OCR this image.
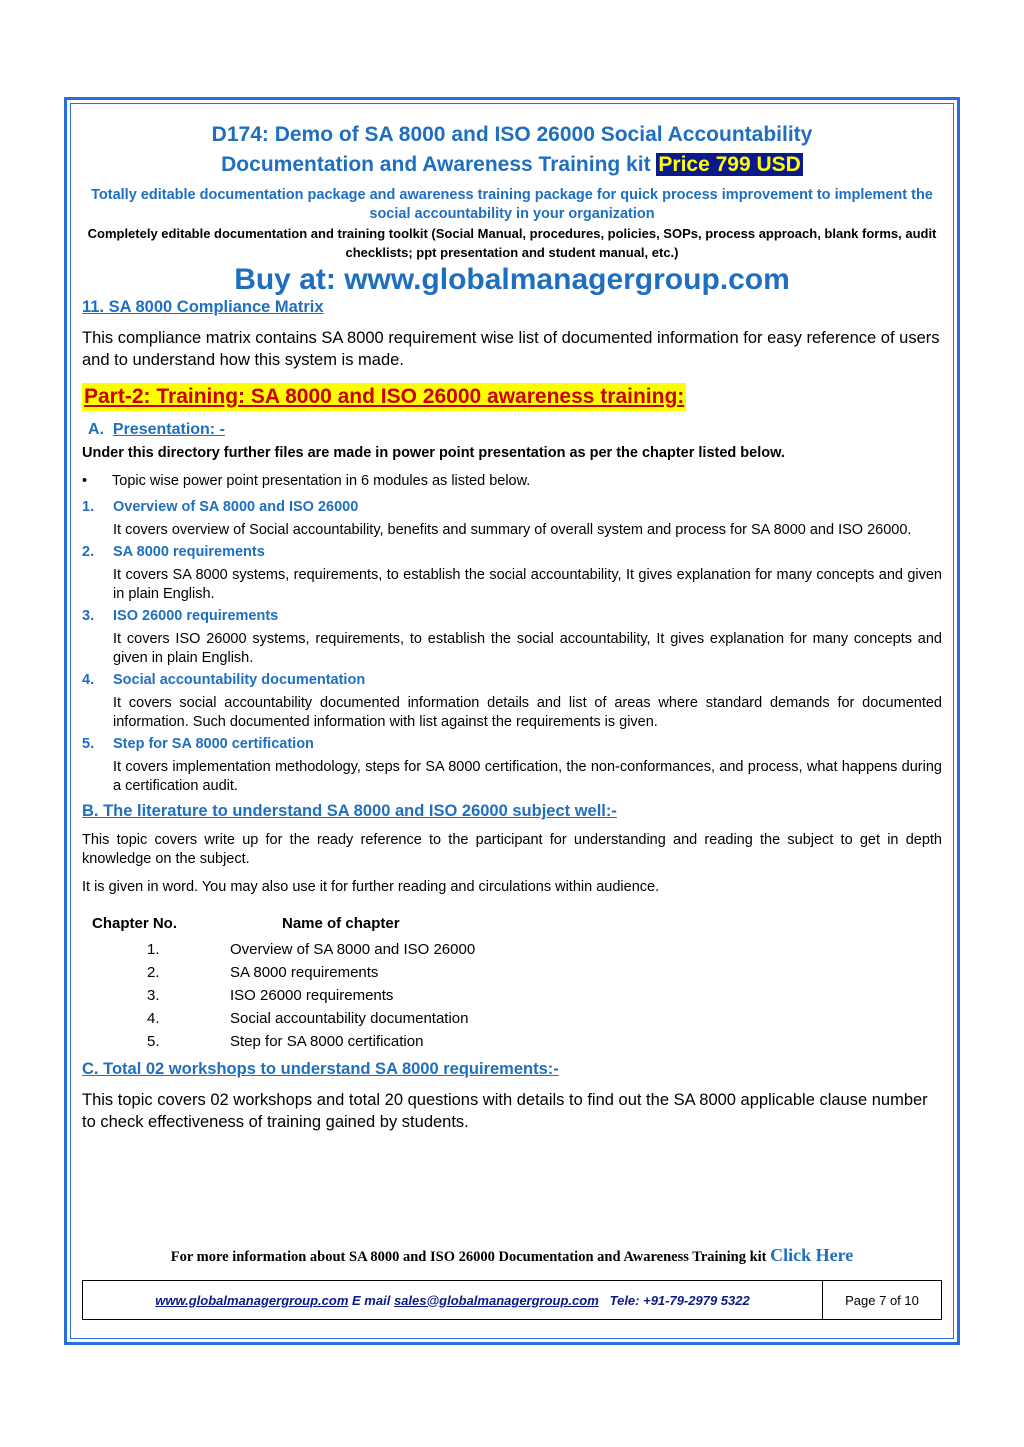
D174: Demo of SA 8000 and ISO 26000 Social Accountability
Documentation and Awareness Training kit Price 799 USD

Totally editable documentation package and awareness training package for quick process improvement to implement the social accountability in your organization

Completely editable documentation and training toolkit (Social Manual, procedures, policies, SOPs, process approach, blank forms, audit checklists; ppt presentation and student manual, etc.)

Buy at: www.globalmanagergroup.com

11. SA 8000 Compliance Matrix

This compliance matrix contains SA 8000 requirement wise list of documented information for easy reference of users and to understand how this system is made.

Part-2: Training: SA 8000 and ISO 26000 awareness training:

A. Presentation: -

Under this directory further files are made in power point presentation as per the chapter listed below.

•	Topic wise power point presentation in 6 modules as listed below.

1.	Overview of SA 8000 and ISO 26000

It covers overview of Social accountability, benefits and summary of overall system and process for SA 8000 and ISO 26000.

2.	SA 8000 requirements

It covers SA 8000 systems, requirements, to establish the social accountability, It gives explanation for many concepts and given in plain English.

3.	ISO 26000 requirements

It covers ISO 26000 systems, requirements, to establish the social accountability, It gives explanation for many concepts and given in plain English.

4.	Social accountability documentation

It covers social accountability documented information details and list of areas where standard demands for documented information. Such documented information with list against the requirements is given.

5.	Step for SA 8000 certification

It covers implementation methodology, steps for SA 8000 certification, the non-conformances, and process, what happens during a certification audit.

B. The literature to understand SA 8000 and ISO 26000 subject well:-

This topic covers write up for the ready reference to the participant for understanding and reading the subject to get in depth knowledge on the subject.

It is given in word. You may also use it for further reading and circulations within audience.

Chapter No.	Name of chapter
1.	Overview of SA 8000 and ISO 26000
2.	SA 8000 requirements
3.	ISO 26000 requirements
4.	Social accountability documentation
5.	Step for SA 8000 certification

C. Total 02 workshops to understand SA 8000 requirements:-

This topic covers 02 workshops and total 20 questions with details to find out the SA 8000 applicable clause number to check effectiveness of training gained by students.

For more information about SA 8000 and ISO 26000 Documentation and Awareness Training kit Click Here
www.globalmanagergroup.com E mail sales@globalmanagergroup.com Tele: +91-79-2979 5322	Page 7 of 10
